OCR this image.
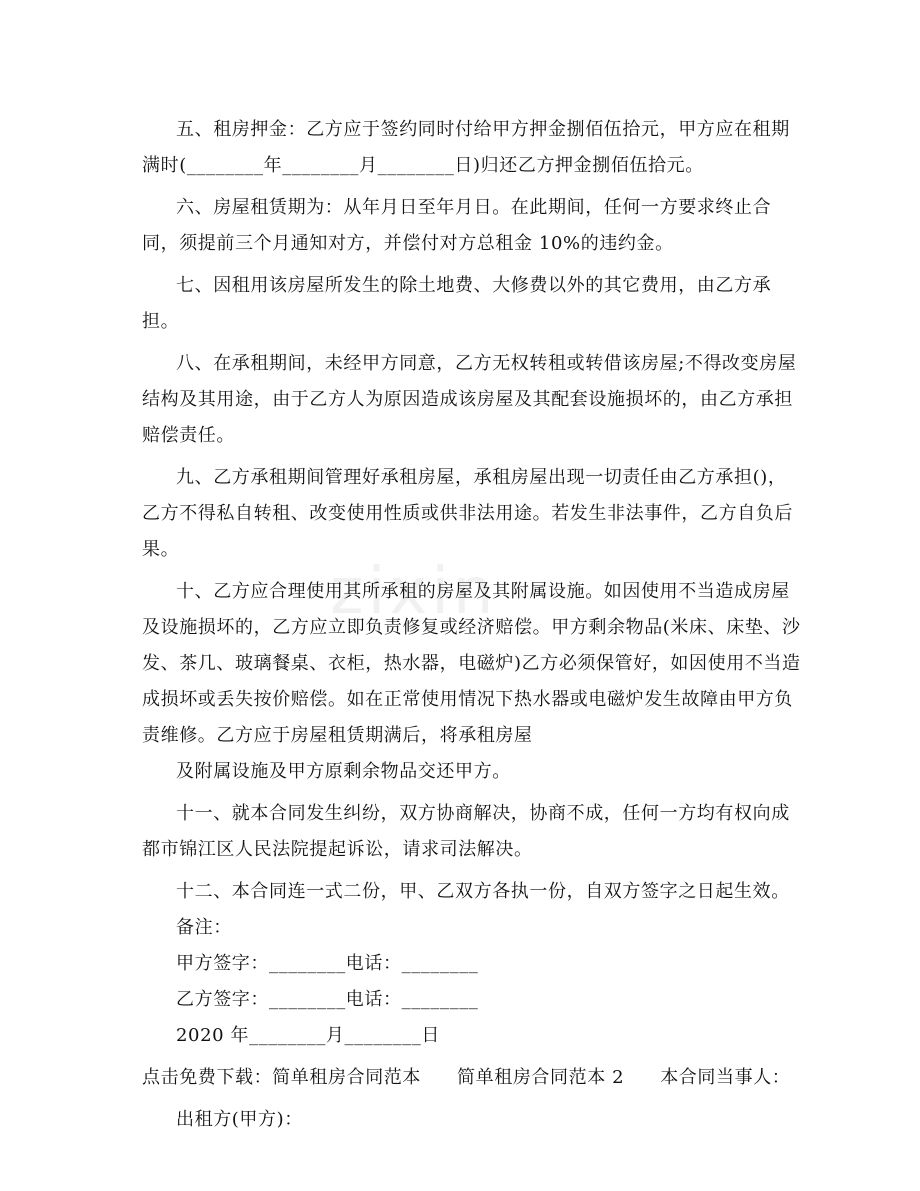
zixin
五、租房押金：乙方应于签约同时付给甲方押金捌佰伍拾元，甲方应在租期
满时(________年________月________日)归还乙方押金捌佰伍拾元。
六、房屋租赁期为：从年月日至年月日。在此期间，任何一方要求终止合
同，须提前三个月通知对方，并偿付对方总租金 10%的违约金。
七、因租用该房屋所发生的除土地费、大修费以外的其它费用，由乙方承
担。
八、在承租期间，未经甲方同意，乙方无权转租或转借该房屋;不得改变房屋
结构及其用途，由于乙方人为原因造成该房屋及其配套设施损坏的，由乙方承担
赔偿责任。
九、乙方承租期间管理好承租房屋，承租房屋出现一切责任由乙方承担()，
乙方不得私自转租、改变使用性质或供非法用途。若发生非法事件，乙方自负后
果。
十、乙方应合理使用其所承租的房屋及其附属设施。如因使用不当造成房屋
及设施损坏的，乙方应立即负责修复或经济赔偿。甲方剩余物品(米床、床垫、沙
发、茶几、玻璃餐桌、衣柜，热水器，电磁炉)乙方必须保管好，如因使用不当造
成损坏或丢失按价赔偿。如在正常使用情况下热水器或电磁炉发生故障由甲方负
责维修。乙方应于房屋租赁期满后，将承租房屋
及附属设施及甲方原剩余物品交还甲方。
十一、就本合同发生纠纷，双方协商解决，协商不成，任何一方均有权向成
都市锦江区人民法院提起诉讼，请求司法解决。
十二、本合同连一式二份，甲、乙双方各执一份，自双方签字之日起生效。
备注：
甲方签字：________电话：________
乙方签字：________电话：________
2020 年________月________日
点击免费下载：简单租房合同范本 简单租房合同范本 2 本合同当事人：
出租方(甲方)：
